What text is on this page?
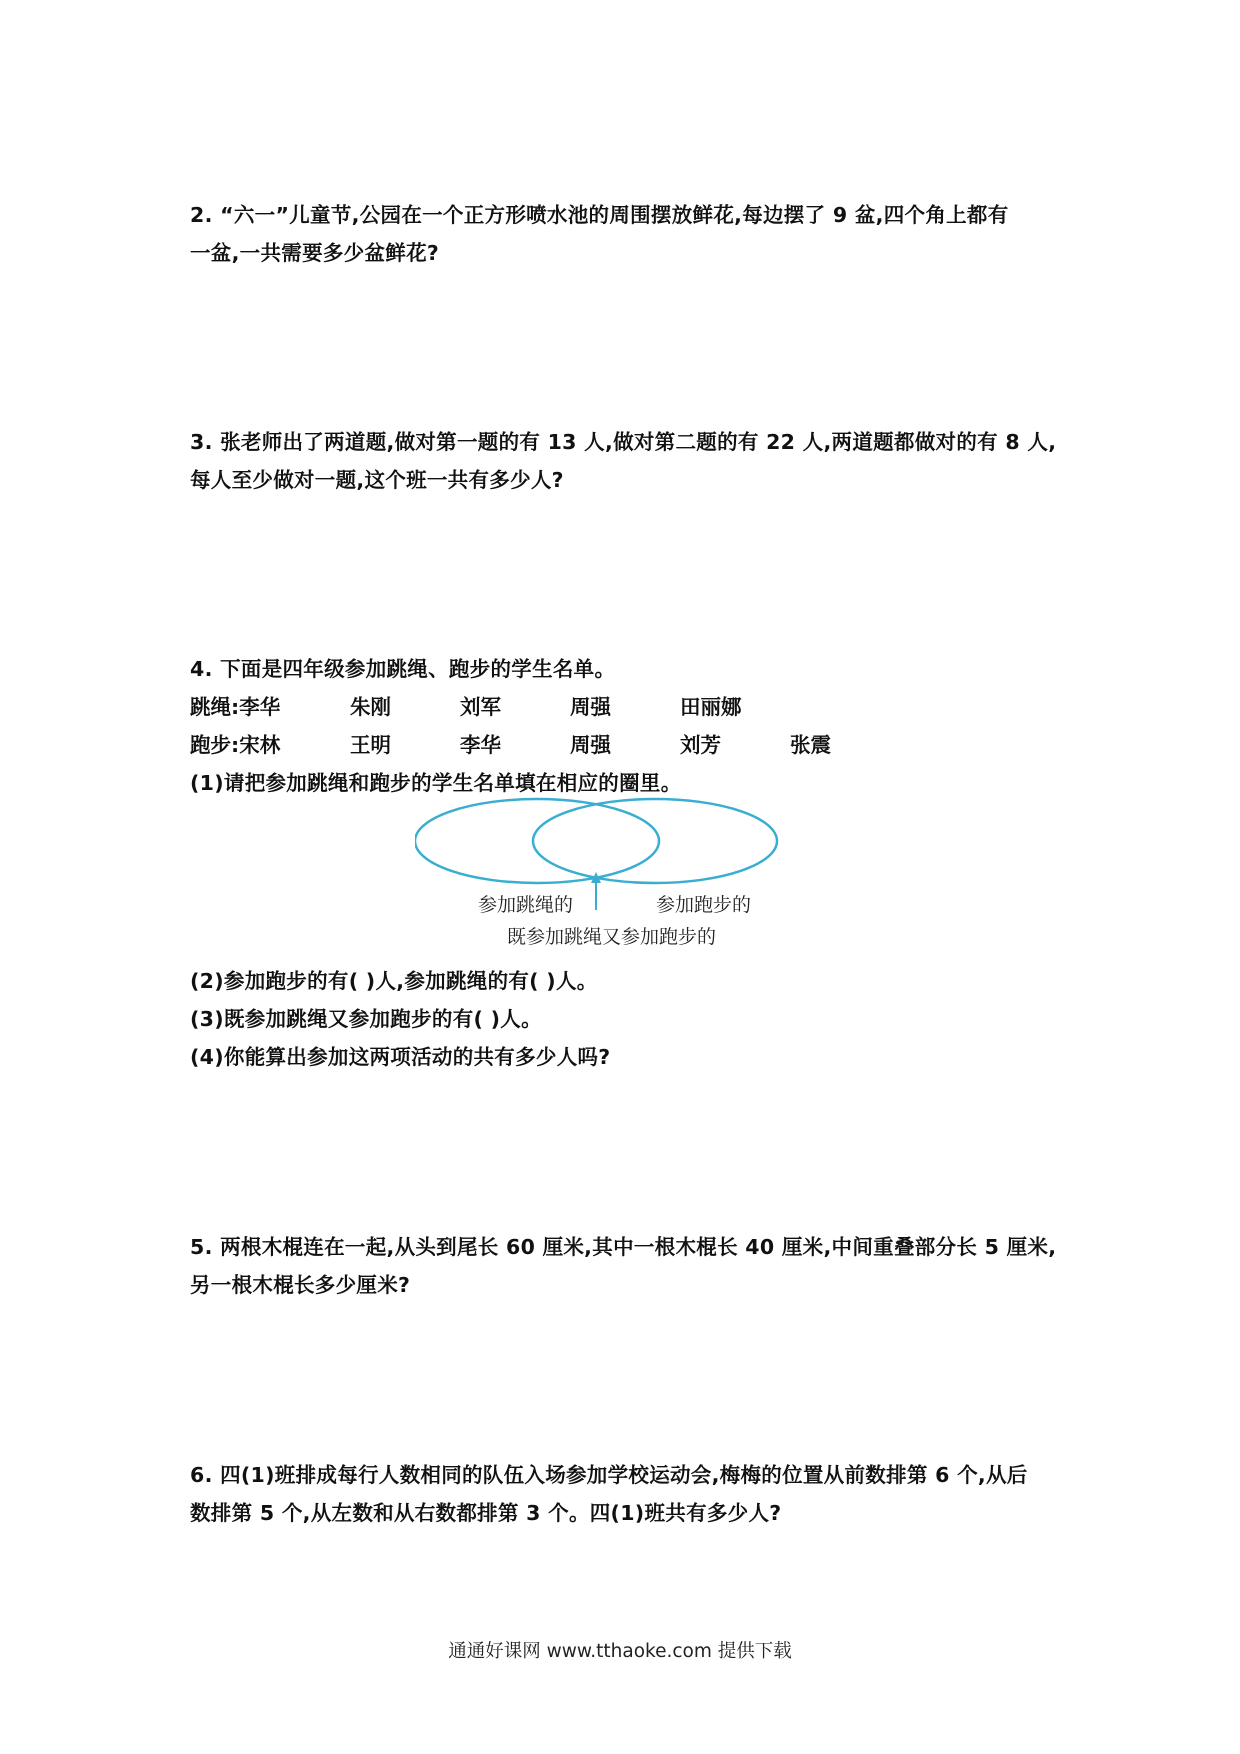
2. “六一”儿童节,公园在一个正方形喷水池的周围摆放鲜花,每边摆了 9 盆,四个角上都有
一盆,一共需要多少盆鲜花?
3. 张老师出了两道题,做对第一题的有 13 人,做对第二题的有 22 人,两道题都做对的有 8 人,
每人至少做对一题,这个班一共有多少人?
4. 下面是四年级参加跳绳、跑步的学生名单。
跳绳:李华	朱刚	刘军	周强	田丽娜
跑步:宋林	王明	李华	周强	刘芳	张震
(1)请把参加跳绳和跑步的学生名单填在相应的圈里。
参加跳绳的	参加跑步的
既参加跳绳又参加跑步的
(2)参加跑步的有( )人,参加跳绳的有( )人。
(3)既参加跳绳又参加跑步的有( )人。
(4)你能算出参加这两项活动的共有多少人吗?
5. 两根木棍连在一起,从头到尾长 60 厘米,其中一根木棍长 40 厘米,中间重叠部分长 5 厘米,
另一根木棍长多少厘米?
6. 四(1)班排成每行人数相同的队伍入场参加学校运动会,梅梅的位置从前数排第 6 个,从后
数排第 5 个,从左数和从右数都排第 3 个。四(1)班共有多少人?
通通好课网 www.tthaoke.com 提供下载
